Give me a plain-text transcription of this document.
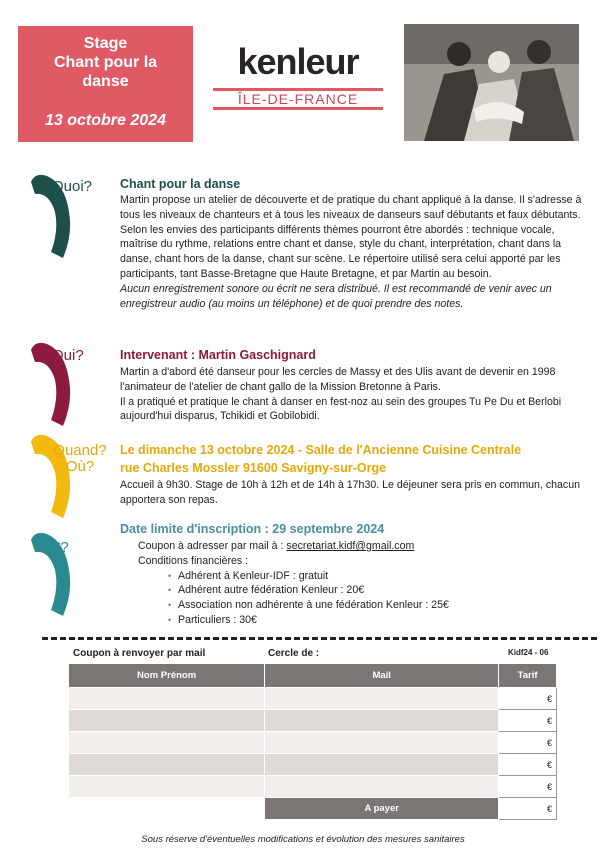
Stage
Chant pour la
danse
13 octobre 2024
kenleur
ÎLE-DE-FRANCE
Quoi? Chant pour la danse

Martin propose un atelier de découverte et de pratique du chant appliqué à la danse. Il s'adresse à tous les niveaux de chanteurs et à tous les niveaux de danseurs sauf débutants et faux débutants. Selon les envies des participants différents thèmes pourront être abordés : technique vocale, maîtrise du rythme, relations entre chant et danse, style du chant, interprétation, chant dans la danse, chant hors de la danse, chant sur scène. Le répertoire utilisé sera celui apporté par les participants, tant Basse-Bretagne que Haute Bretagne, et par Martin au besoin.

Aucun enregistrement sonore ou écrit ne sera distribué. Il est recommandé de venir avec un enregistreur audio (au moins un téléphone) et de quoi prendre des notes.

Qui?	Intervenant : Martin Gaschignard

Martin a d'abord été danseur pour les cercles de Massy et des Ulis avant de devenir en 1998 l'animateur de l'atelier de chant gallo de la Mission Bretonne à Paris.

Il a pratiqué et pratique le chant à danser en fest-noz au sein des groupes Tu Pe Du et Berlobi aujourd'hui disparus, Tchikidi et Gobilobidi.

Quand?
Où?
Le dimanche 13 octobre 2024 - Salle de l'Ancienne Cuisine Centrale
rue Charles Mossler 91600 Savigny-sur-Orge
Accueil à 9h30. Stage de 10h à 12h et de 14h à 17h30. Le déjeuner sera pris en commun, chacun apportera son repas.
€?
Date limite d'inscription : 29 septembre 2024

Coupon à adresser par mail à : secretariat.kidf@gmail.com

Conditions financières :

• Adhérent à Kenleur-IDF : gratuit
• Adhérent autre fédération Kenleur : 20€
• Association non adhérente à une fédération Kenleur : 25€
• Particuliers : 30€
Coupon à renvoyer par mail	Cercle de :	Kidf24 - 06
Nom Prénom	Mail	Tarif
		€
		€
		€
		€
		€
	A payer	€
Sous réserve d'éventuelles modifications et évolution des mesures sanitaires
